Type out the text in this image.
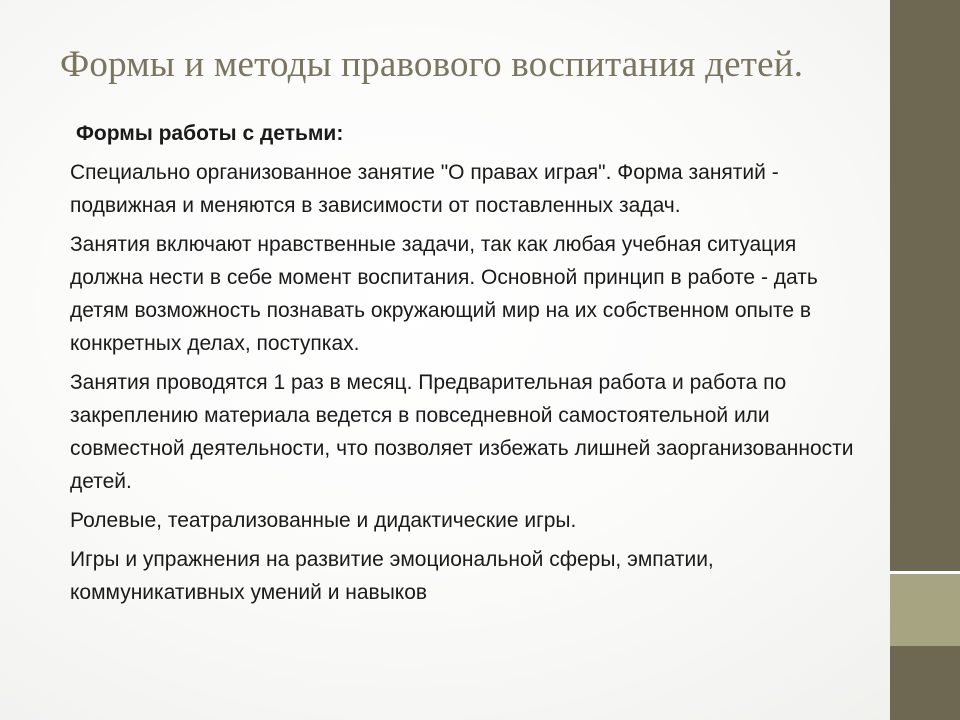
Формы и методы правового воспитания детей.

Формы работы с детьми:

Специально организованное занятие "О правах играя". Форма занятий - подвижная и меняются в зависимости от поставленных задач.

Занятия включают нравственные задачи, так как любая учебная ситуация должна нести в себе момент воспитания. Основной принцип в работе - дать детям возможность познавать окружающий мир на их собственном опыте в конкретных делах, поступках.

Занятия проводятся 1 раз в месяц. Предварительная работа и работа по закреплению материала ведется в повседневной самостоятельной или совместной деятельности, что позволяет избежать лишней заорганизованности детей.

Ролевые, театрализованные и дидактические игры.

Игры и упражнения на развитие эмоциональной сферы, эмпатии, коммуникативных умений и навыков
